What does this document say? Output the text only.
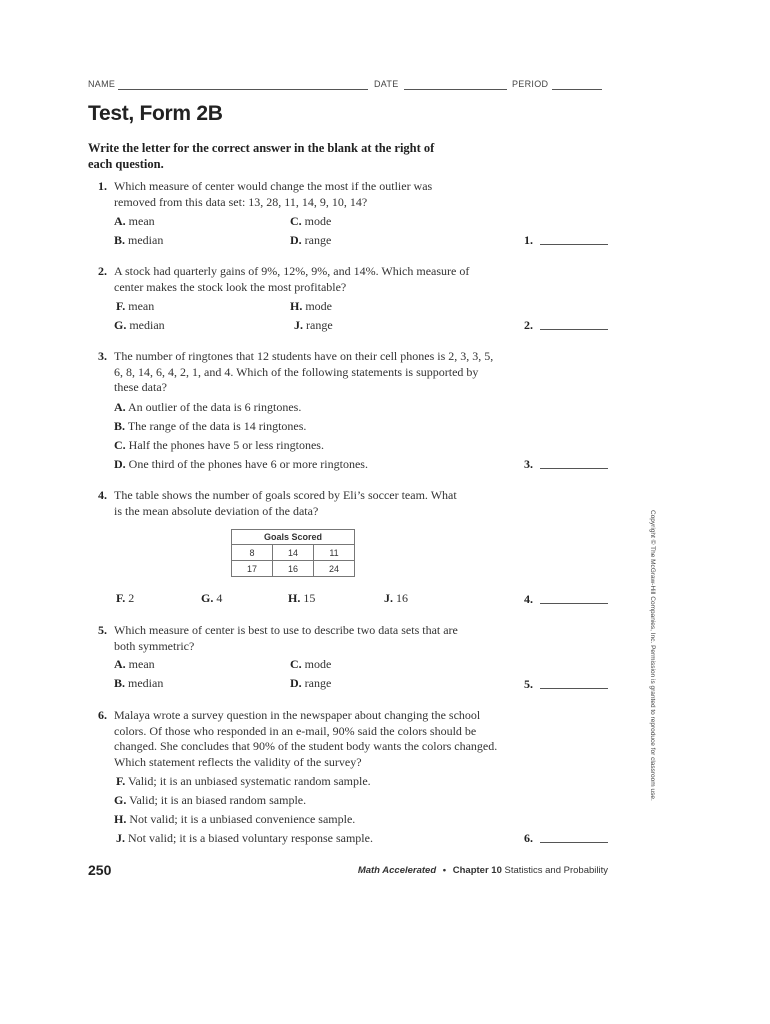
NAME	DATE	PERIOD
Test, Form 2B
Write the letter for the correct answer in the blank at the right of each question.
1. Which measure of center would change the most if the outlier was removed from this data set: 13, 28, 11, 14, 9, 10, 14?
A. mean	C. mode
B. median	D. range	1.
2. A stock had quarterly gains of 9%, 12%, 9%, and 14%. Which measure of center makes the stock look the most profitable?
F. mean	H. mode
G. median	J. range	2.
3. The number of ringtones that 12 students have on their cell phones is 2, 3, 3, 5, 6, 8, 14, 6, 4, 2, 1, and 4. Which of the following statements is supported by these data?
A. An outlier of the data is 6 ringtones.
B. The range of the data is 14 ringtones.
C. Half the phones have 5 or less ringtones.
D. One third of the phones have 6 or more ringtones.	3.
4. The table shows the number of goals scored by Eli’s soccer team. What is the mean absolute deviation of the data?
Goals Scored		
8	14	11
17	16	24
F. 2	G. 4	H. 15	J. 16	4.
5. Which measure of center is best to use to describe two data sets that are both symmetric?
A. mean	C. mode
B. median	D. range	5.
6. Malaya wrote a survey question in the newspaper about changing the school colors. Of those who responded in an e-mail, 90% said the colors should be changed. She concludes that 90% of the student body wants the colors changed. Which statement reflects the validity of the survey?
F. Valid; it is an unbiased systematic random sample.
G. Valid; it is an biased random sample.
H. Not valid; it is a unbiased convenience sample.
J. Not valid; it is a biased voluntary response sample.	6.
Copyright © The McGraw-Hill Companies, Inc. Permission is granted to reproduce for classroom use.
250	Math Accelerated • Chapter 10 Statistics and Probability
